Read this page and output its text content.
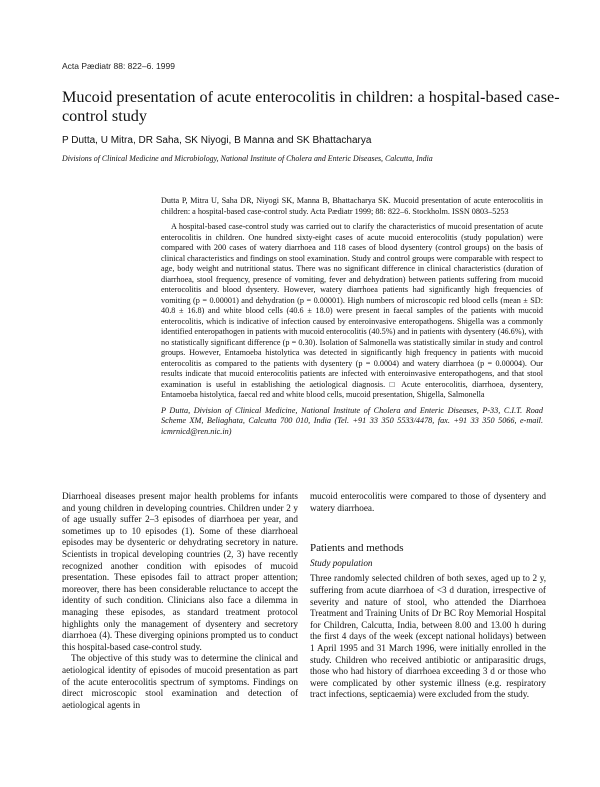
Acta Pædiatr 88: 822–6. 1999
Mucoid presentation of acute enterocolitis in children: a hospital-based case-control study
P Dutta, U Mitra, DR Saha, SK Niyogi, B Manna and SK Bhattacharya
Divisions of Clinical Medicine and Microbiology, National Institute of Cholera and Enteric Diseases, Calcutta, India

Dutta P, Mitra U, Saha DR, Niyogi SK, Manna B, Bhattacharya SK. Mucoid presentation of acute enterocolitis in children: a hospital-based case-control study. Acta Pædiatr 1999; 88: 822–6. Stockholm. ISSN 0803–5253

A hospital-based case-control study was carried out to clarify the characteristics of mucoid presentation of acute enterocolitis in children. One hundred sixty-eight cases of acute mucoid enterocolitis (study population) were compared with 200 cases of watery diarrhoea and 118 cases of blood dysentery (control groups) on the basis of clinical characteristics and findings on stool examination. Study and control groups were comparable with respect to age, body weight and nutritional status. There was no significant difference in clinical characteristics (duration of diarrhoea, stool frequency, presence of vomiting, fever and dehydration) between patients suffering from mucoid enterocolitis and blood dysentery. However, watery diarrhoea patients had significantly high frequencies of vomiting (p = 0.00001) and dehydration (p = 0.00001). High numbers of microscopic red blood cells (mean ± SD: 40.8 ± 16.8) and white blood cells (40.6 ± 18.0) were present in faecal samples of the patients with mucoid enterocolitis, which is indicative of infection caused by enteroinvasive enteropathogens. Shigella was a commonly identified enteropathogen in patients with mucoid enterocolitis (40.5%) and in patients with dysentery (46.6%), with no statistically significant difference (p = 0.30). Isolation of Salmonella was statistically similar in study and control groups. However, Entamoeba histolytica was detected in significantly high frequency in patients with mucoid enterocolitis as compared to the patients with dysentery (p = 0.0004) and watery diarrhoea (p = 0.00004). Our results indicate that mucoid enterocolitis patients are infected with enteroinvasive enteropathogens, and that stool examination is useful in establishing the aetiological diagnosis. □ Acute enterocolitis, diarrhoea, dysentery, Entamoeba histolytica, faecal red and white blood cells, mucoid presentation, Shigella, Salmonella

P Dutta, Division of Clinical Medicine, National Institute of Cholera and Enteric Diseases, P-33, C.I.T. Road Scheme XM, Beliaghata, Calcutta 700 010, India (Tel. +91 33 350 5533/4478, fax. +91 33 350 5066, e-mail. icmrnicd@ren.nic.in)

Diarrhoeal diseases present major health problems for infants and young children in developing countries. Children under 2 y of age usually suffer 2–3 episodes of diarrhoea per year, and sometimes up to 10 episodes (1). Some of these diarrhoeal episodes may be dysenteric or dehydrating secretory in nature. Scientists in tropical developing countries (2, 3) have recently recognized another condition with episodes of mucoid presentation. These episodes fail to attract proper attention; moreover, there has been considerable reluctance to accept the identity of such condition. Clinicians also face a dilemma in managing these episodes, as standard treatment protocol highlights only the management of dysentery and secretory diarrhoea (4). These diverging opinions prompted us to conduct this hospital-based case-control study.

The objective of this study was to determine the clinical and aetiological identity of episodes of mucoid presentation as part of the acute enterocolitis spectrum of symptoms. Findings on direct microscopic stool examination and detection of aetiological agents in

mucoid enterocolitis were compared to those of dysentery and watery diarrhoea.

Patients and methods
Study population

Three randomly selected children of both sexes, aged up to 2 y, suffering from acute diarrhoea of <3 d duration, irrespective of severity and nature of stool, who attended the Diarrhoea Treatment and Training Units of Dr BC Roy Memorial Hospital for Children, Calcutta, India, between 8.00 and 13.00 h during the first 4 days of the week (except national holidays) between 1 April 1995 and 31 March 1996, were initially enrolled in the study. Children who received antibiotic or antiparasitic drugs, those who had history of diarrhoea exceeding 3 d or those who were complicated by other systemic illness (e.g. respiratory tract infections, septicaemia) were excluded from the study.
